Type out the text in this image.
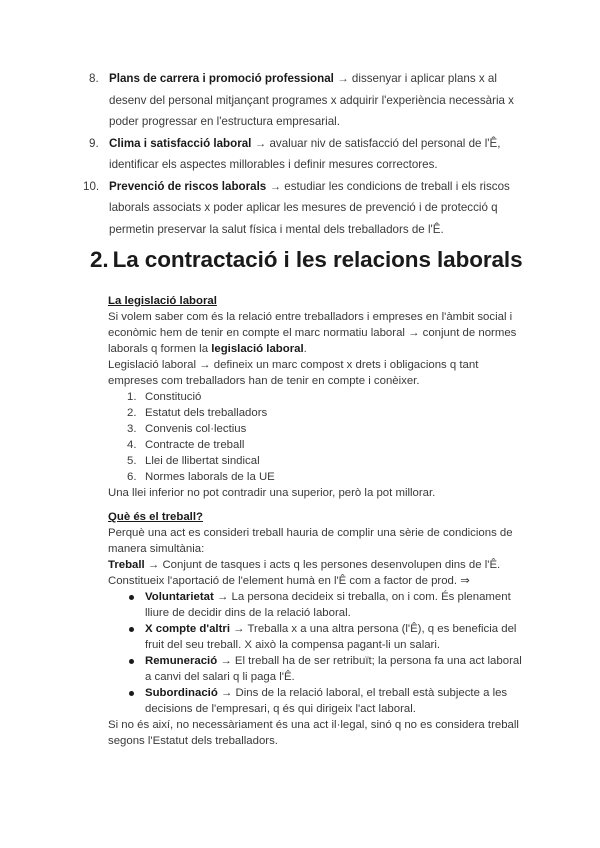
8. Plans de carrera i promoció professional → dissenyar i aplicar plans x al
desenv del personal mitjançant programes x adquirir l'experiència necessària x
poder progressar en l'estructura empresarial.
9. Clima i satisfacció laboral → avaluar niv de satisfacció del personal de l'Ê,
identificar els aspectes millorables i definir mesures correctores.
10. Prevenció de riscos laborals → estudiar les condicions de treball i els riscos
laborals associats x poder aplicar les mesures de prevenció i de protecció q
permetin preservar la salut física i mental dels treballadors de l'Ê.
2. La contractació i les relacions laborals

La legislació laboral

Si volem saber com és la relació entre treballadors i empreses en l'àmbit social i

econòmic hem de tenir en compte el marc normatiu laboral → conjunt de normes

laborals q formen la legislació laboral.

Legislació laboral → defineix un marc compost x drets i obligacions q tant

empreses com treballadors han de tenir en compte i conèixer.

1. Constitució
2. Estatut dels treballadors
3. Convenis col·lectius
4. Contracte de treball
5. Llei de llibertat sindical
6. Normes laborals de la UE

Una llei inferior no pot contradir una superior, però la pot millorar.

Què és el treball?

Perquè una act es consideri treball hauria de complir una sèrie de condicions de

manera simultània:

Treball → Conjunt de tasques i acts q les persones desenvolupen dins de l'Ê.

Constitueix l'aportació de l'element humà en l'Ê com a factor de prod. ⇒

Voluntarietat → La persona decideix si treballa, on i com. És plenament
lliure de decidir dins de la relació laboral.
X compte d'altri → Treballa x a una altra persona (l'Ê), q es beneficia del
fruit del seu treball. X això la compensa pagant-li un salari.
Remuneració → El treball ha de ser retribuït; la persona fa una act laboral
a canvi del salari q li paga l'Ê.
Subordinació → Dins de la relació laboral, el treball està subjecte a les
decisions de l'empresari, q és qui dirigeix l'act laboral.

Si no és així, no necessàriament és una act il·legal, sinó q no es considera treball

segons l'Estatut dels treballadors.
